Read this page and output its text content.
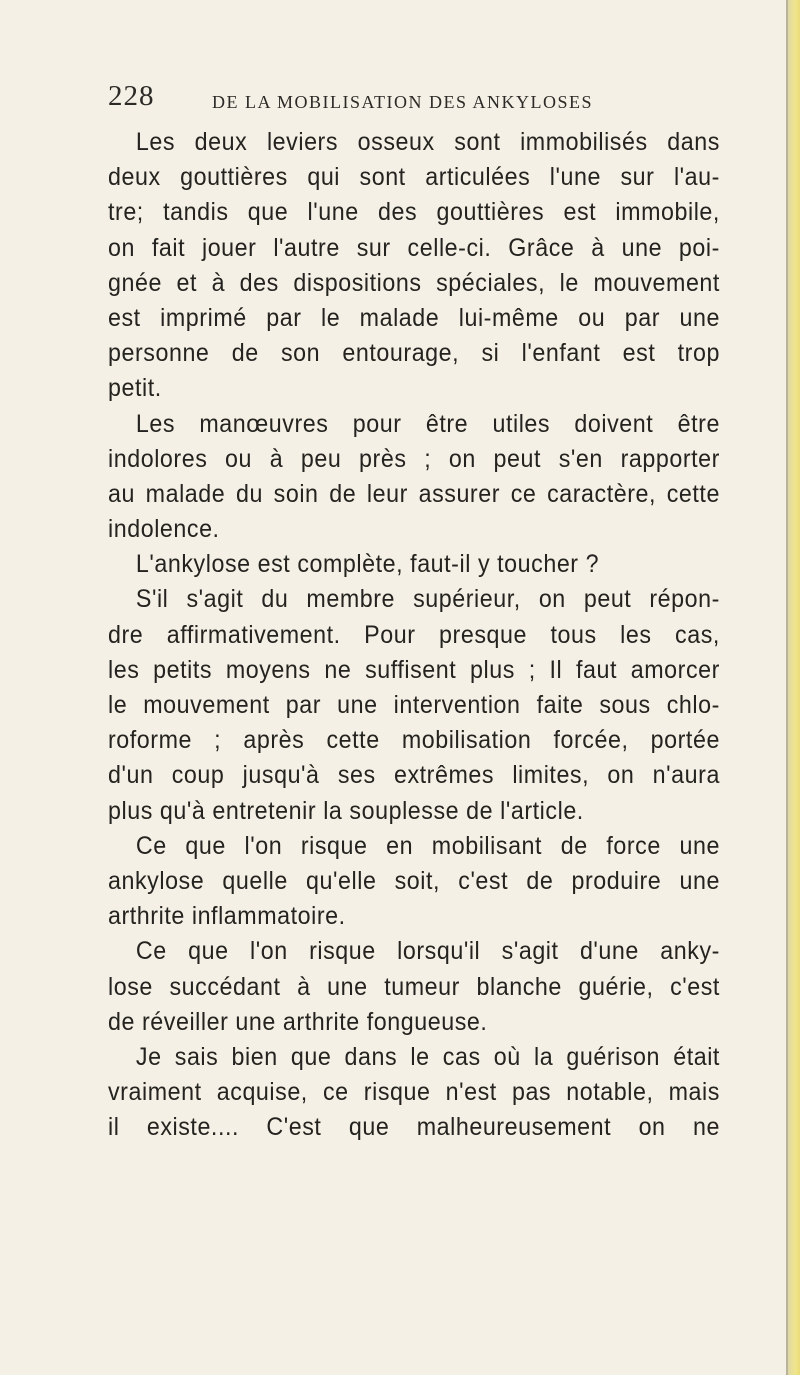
228	DE LA MOBILISATION DES ANKYLOSES
Les deux leviers osseux sont immobilisés dans
deux gouttières qui sont articulées l'une sur l'au-
tre; tandis que l'une des gouttières est immobile,
on fait jouer l'autre sur celle-ci. Grâce à une poi-
gnée et à des dispositions spéciales, le mouvement
est imprimé par le malade lui-même ou par une
personne de son entourage, si l'enfant est trop
petit.
Les manœuvres pour être utiles doivent être
indolores ou à peu près ; on peut s'en rapporter
au malade du soin de leur assurer ce caractère, cette
indolence.
L'ankylose est complète, faut-il y toucher ?
S'il s'agit du membre supérieur, on peut répon-
dre affirmativement. Pour presque tous les cas,
les petits moyens ne suffisent plus ; Il faut amorcer
le mouvement par une intervention faite sous chlo-
roforme ; après cette mobilisation forcée, portée
d'un coup jusqu'à ses extrêmes limites, on n'aura
plus qu'à entretenir la souplesse de l'article.
Ce que l'on risque en mobilisant de force une
ankylose quelle qu'elle soit, c'est de produire une
arthrite inflammatoire.
Ce que l'on risque lorsqu'il s'agit d'une anky-
lose succédant à une tumeur blanche guérie, c'est
de réveiller une arthrite fongueuse.
Je sais bien que dans le cas où la guérison était
vraiment acquise, ce risque n'est pas notable, mais
il existe.... C'est que malheureusement on ne
